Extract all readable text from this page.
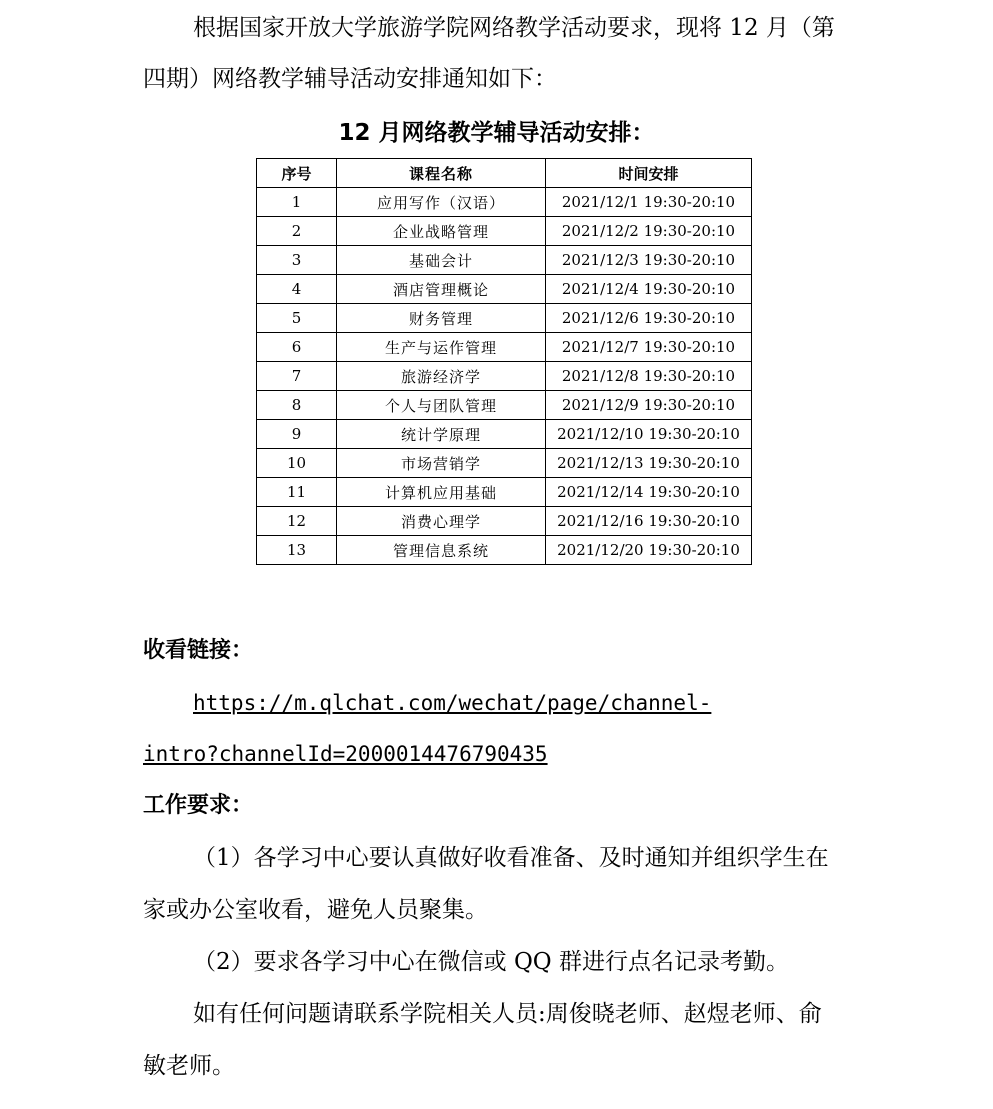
根据国家开放大学旅游学院网络教学活动要求，现将 12 月（第
四期）网络教学辅导活动安排通知如下：
12 月网络教学辅导活动安排：
序号	课程名称	时间安排
1	应用写作（汉语）	2021/12/1 19:30-20:10
2	企业战略管理	2021/12/2 19:30-20:10
3	基础会计	2021/12/3 19:30-20:10
4	酒店管理概论	2021/12/4 19:30-20:10
5	财务管理	2021/12/6 19:30-20:10
6	生产与运作管理	2021/12/7 19:30-20:10
7	旅游经济学	2021/12/8 19:30-20:10
8	个人与团队管理	2021/12/9 19:30-20:10
9	统计学原理	2021/12/10 19:30-20:10
10	市场营销学	2021/12/13 19:30-20:10
11	计算机应用基础	2021/12/14 19:30-20:10
12	消费心理学	2021/12/16 19:30-20:10
13	管理信息系统	2021/12/20 19:30-20:10
收看链接：
https://m.qlchat.com/wechat/page/channel-
intro?channelId=2000014476790435
工作要求：
（1）各学习中心要认真做好收看准备、及时通知并组织学生在
家或办公室收看，避免人员聚集。
（2）要求各学习中心在微信或 QQ 群进行点名记录考勤。
如有任何问题请联系学院相关人员:周俊晓老师、赵煜老师、俞
敏老师。
